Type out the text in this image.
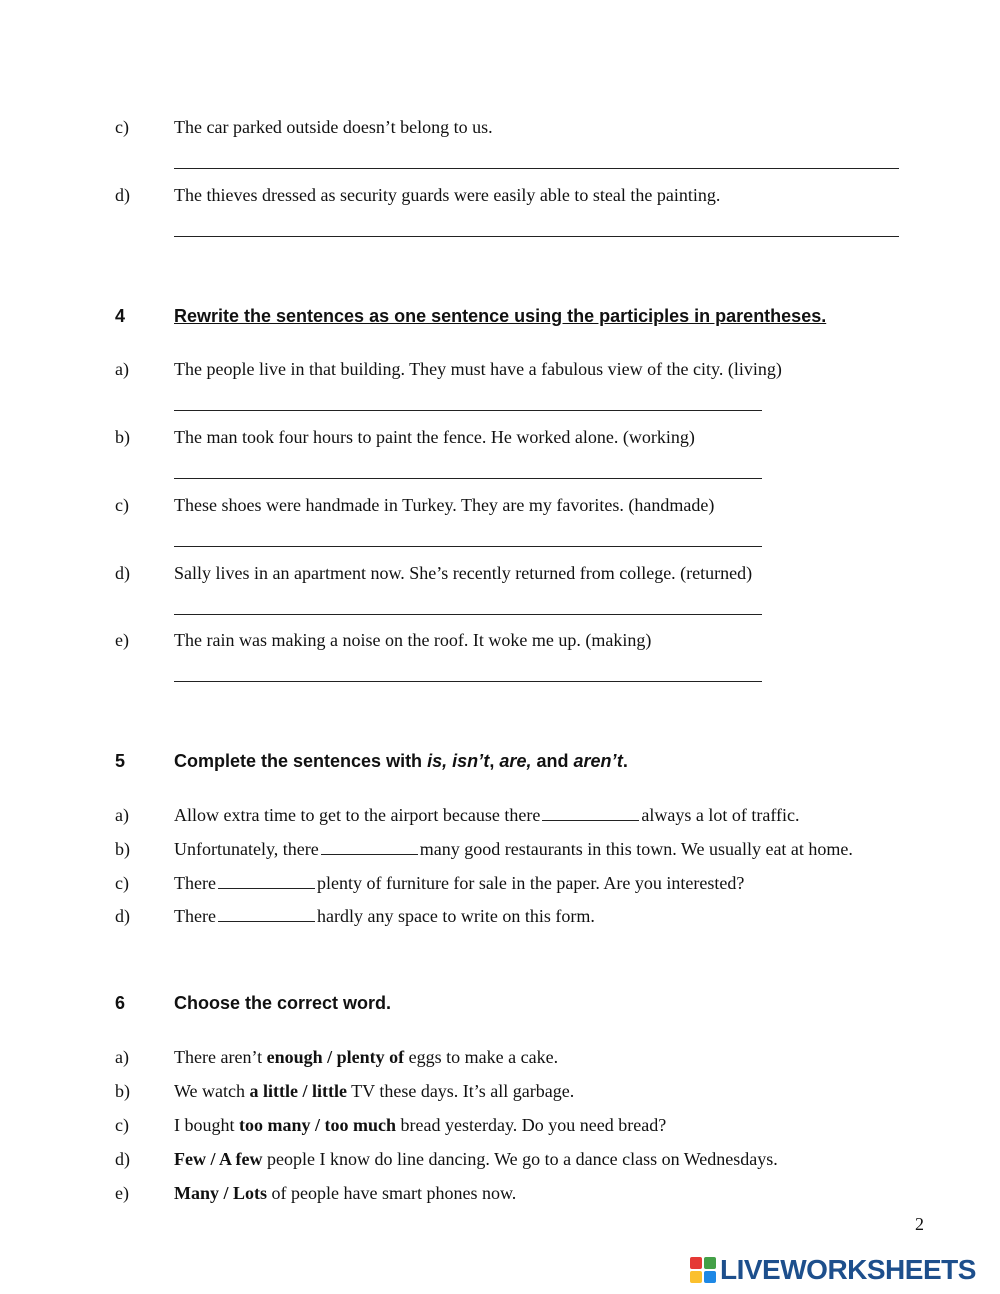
c)	The car parked outside doesn’t belong to us.
d) The thieves dressed as security guards were easily able to steal the painting.
4	Rewrite the sentences as one sentence using the participles in parentheses.
a)	The people live in that building. They must have a fabulous view of the city. (living)
b) The man took four hours to paint the fence. He worked alone. (working)
c)	These shoes were handmade in Turkey. They are my favorites. (handmade)
d) Sally lives in an apartment now. She’s recently returned from college. (returned)
e)	The rain was making a noise on the roof. It woke me up. (making)
5	Complete the sentences with is, isn’t, are, and aren’t.
a)	Allow extra time to get to the airport because there	always a lot of traffic.
b) Unfortunately, there	many good restaurants in this town. We usually eat at home.
c)	There	plenty of furniture for sale in the paper. Are you interested?
d) There	hardly any space to write on this form.
6	Choose the correct word.
a)	There aren’t enough / plenty of eggs to make a cake.
b) We watch a little / little TV these days. It’s all garbage.
c)	I bought too many / too much bread yesterday. Do you need bread?
d) Few / A few people I know do line dancing. We go to a dance class on Wednesdays.
e)	Many / Lots of people have smart phones now.
2
LIVEWORKSHEETS
